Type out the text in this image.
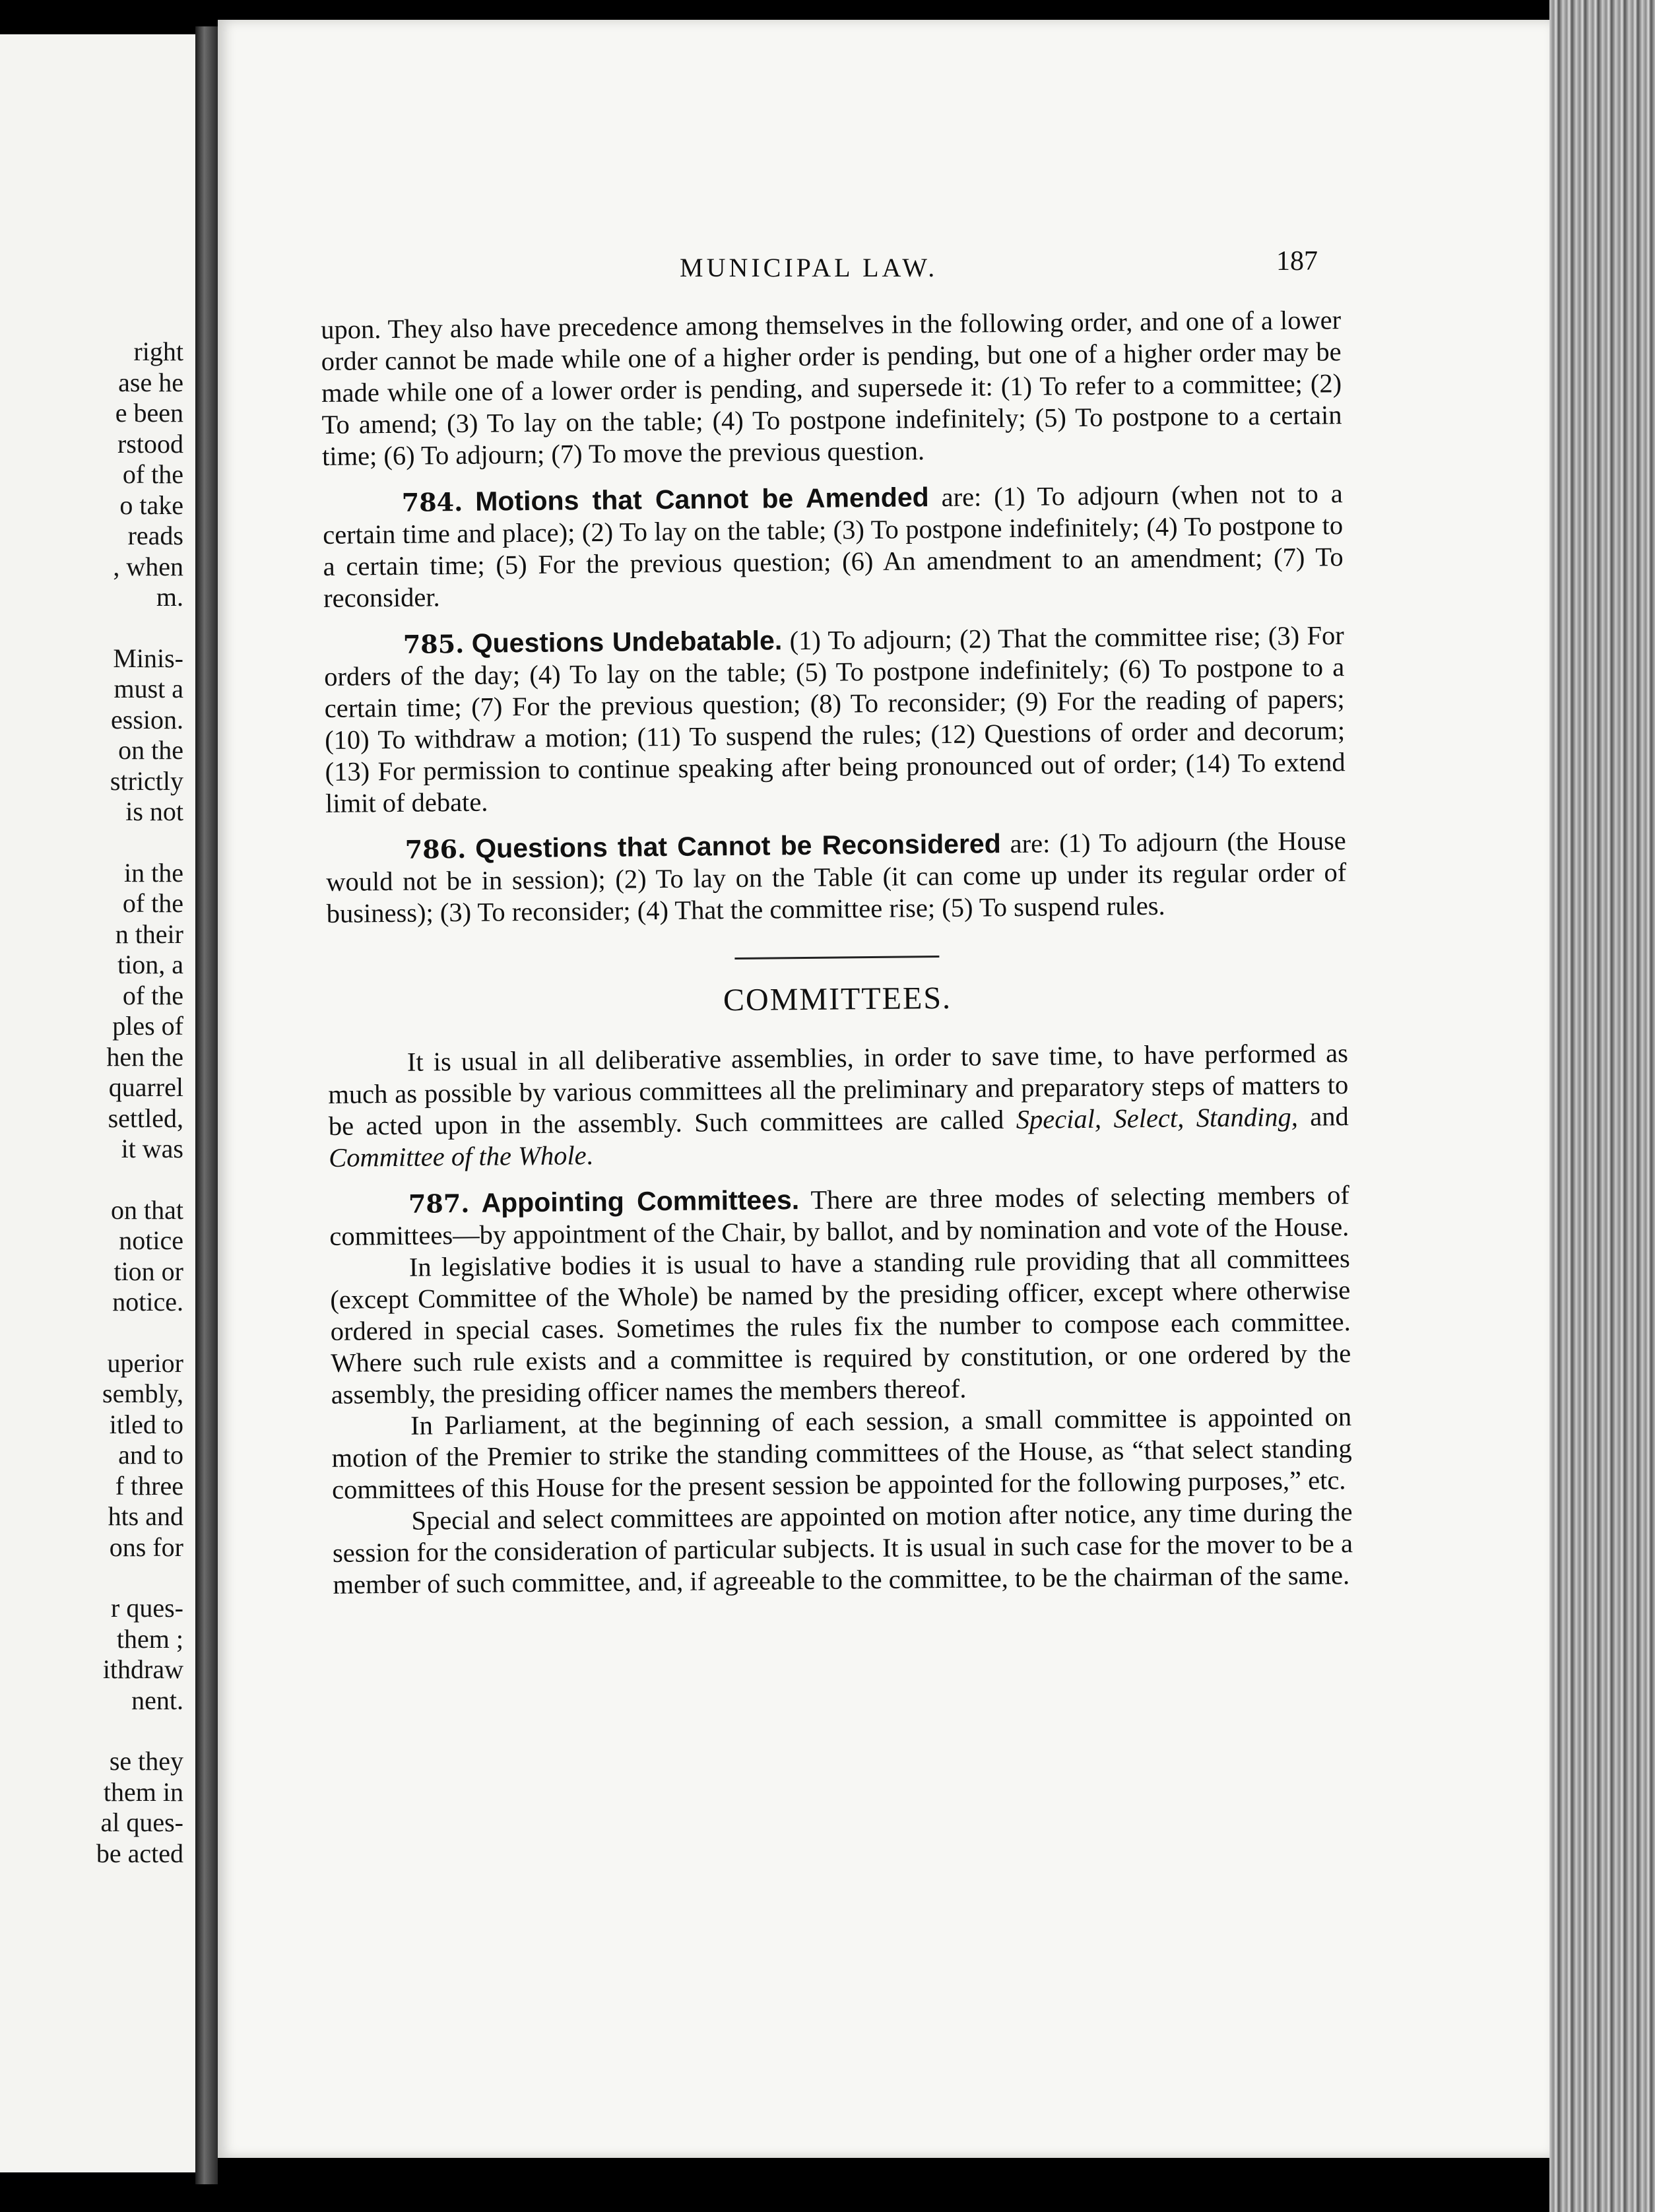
right
ase he
e been
rstood
of the
o take
reads
, when
m.
Minis-
must a
ession.
on the
strictly
is not
in the
of the
n their
tion, a
of the
ples of
hen the
quarrel
settled,
it was
on that
notice
tion or
notice.
uperior
sembly,
itled to
and to
f three
hts and
ons for
r ques-
them ;
ithdraw
nent.
se they
them in
al ques-
be acted
MUNICIPAL LAW.	187

upon. They also have precedence among themselves in the following order, and one of a lower order cannot be made while one of a higher order is pending, but one of a higher order may be made while one of a lower order is pending, and supersede it: (1) To refer to a committee; (2) To amend; (3) To lay on the table; (4) To postpone indefinitely; (5) To postpone to a certain time; (6) To adjourn; (7) To move the previous question.

784. Motions that Cannot be Amended are: (1) To adjourn (when not to a certain time and place); (2) To lay on the table; (3) To postpone indefinitely; (4) To postpone to a certain time; (5) For the previous question; (6) An amendment to an amendment; (7) To reconsider.

785. Questions Undebatable. (1) To adjourn; (2) That the committee rise; (3) For orders of the day; (4) To lay on the table; (5) To postpone indefinitely; (6) To postpone to a certain time; (7) For the previous question; (8) To reconsider; (9) For the reading of papers; (10) To withdraw a motion; (11) To suspend the rules; (12) Questions of order and decorum; (13) For permission to continue speaking after being pronounced out of order; (14) To extend limit of debate.

786. Questions that Cannot be Reconsidered are: (1) To adjourn (the House would not be in session); (2) To lay on the Table (it can come up under its regular order of business); (3) To reconsider; (4) That the committee rise; (5) To suspend rules.

COMMITTEES.

It is usual in all deliberative assemblies, in order to save time, to have performed as much as possible by various committees all the preliminary and preparatory steps of matters to be acted upon in the assembly. Such committees are called Special, Select, Standing, and Committee of the Whole.

787. Appointing Committees. There are three modes of selecting members of committees—by appointment of the Chair, by ballot, and by nomination and vote of the House.

In legislative bodies it is usual to have a standing rule providing that all committees (except Committee of the Whole) be named by the presiding officer, except where otherwise ordered in special cases. Sometimes the rules fix the number to compose each committee. Where such rule exists and a committee is required by constitution, or one ordered by the assembly, the presiding officer names the members thereof.

In Parliament, at the beginning of each session, a small committee is appointed on motion of the Premier to strike the standing committees of the House, as “that select standing committees of this House for the present session be appointed for the following purposes,” etc.

Special and select committees are appointed on motion after notice, any time during the session for the consideration of particular subjects. It is usual in such case for the mover to be a member of such committee, and, if agreeable to the committee, to be the chairman of the same.
